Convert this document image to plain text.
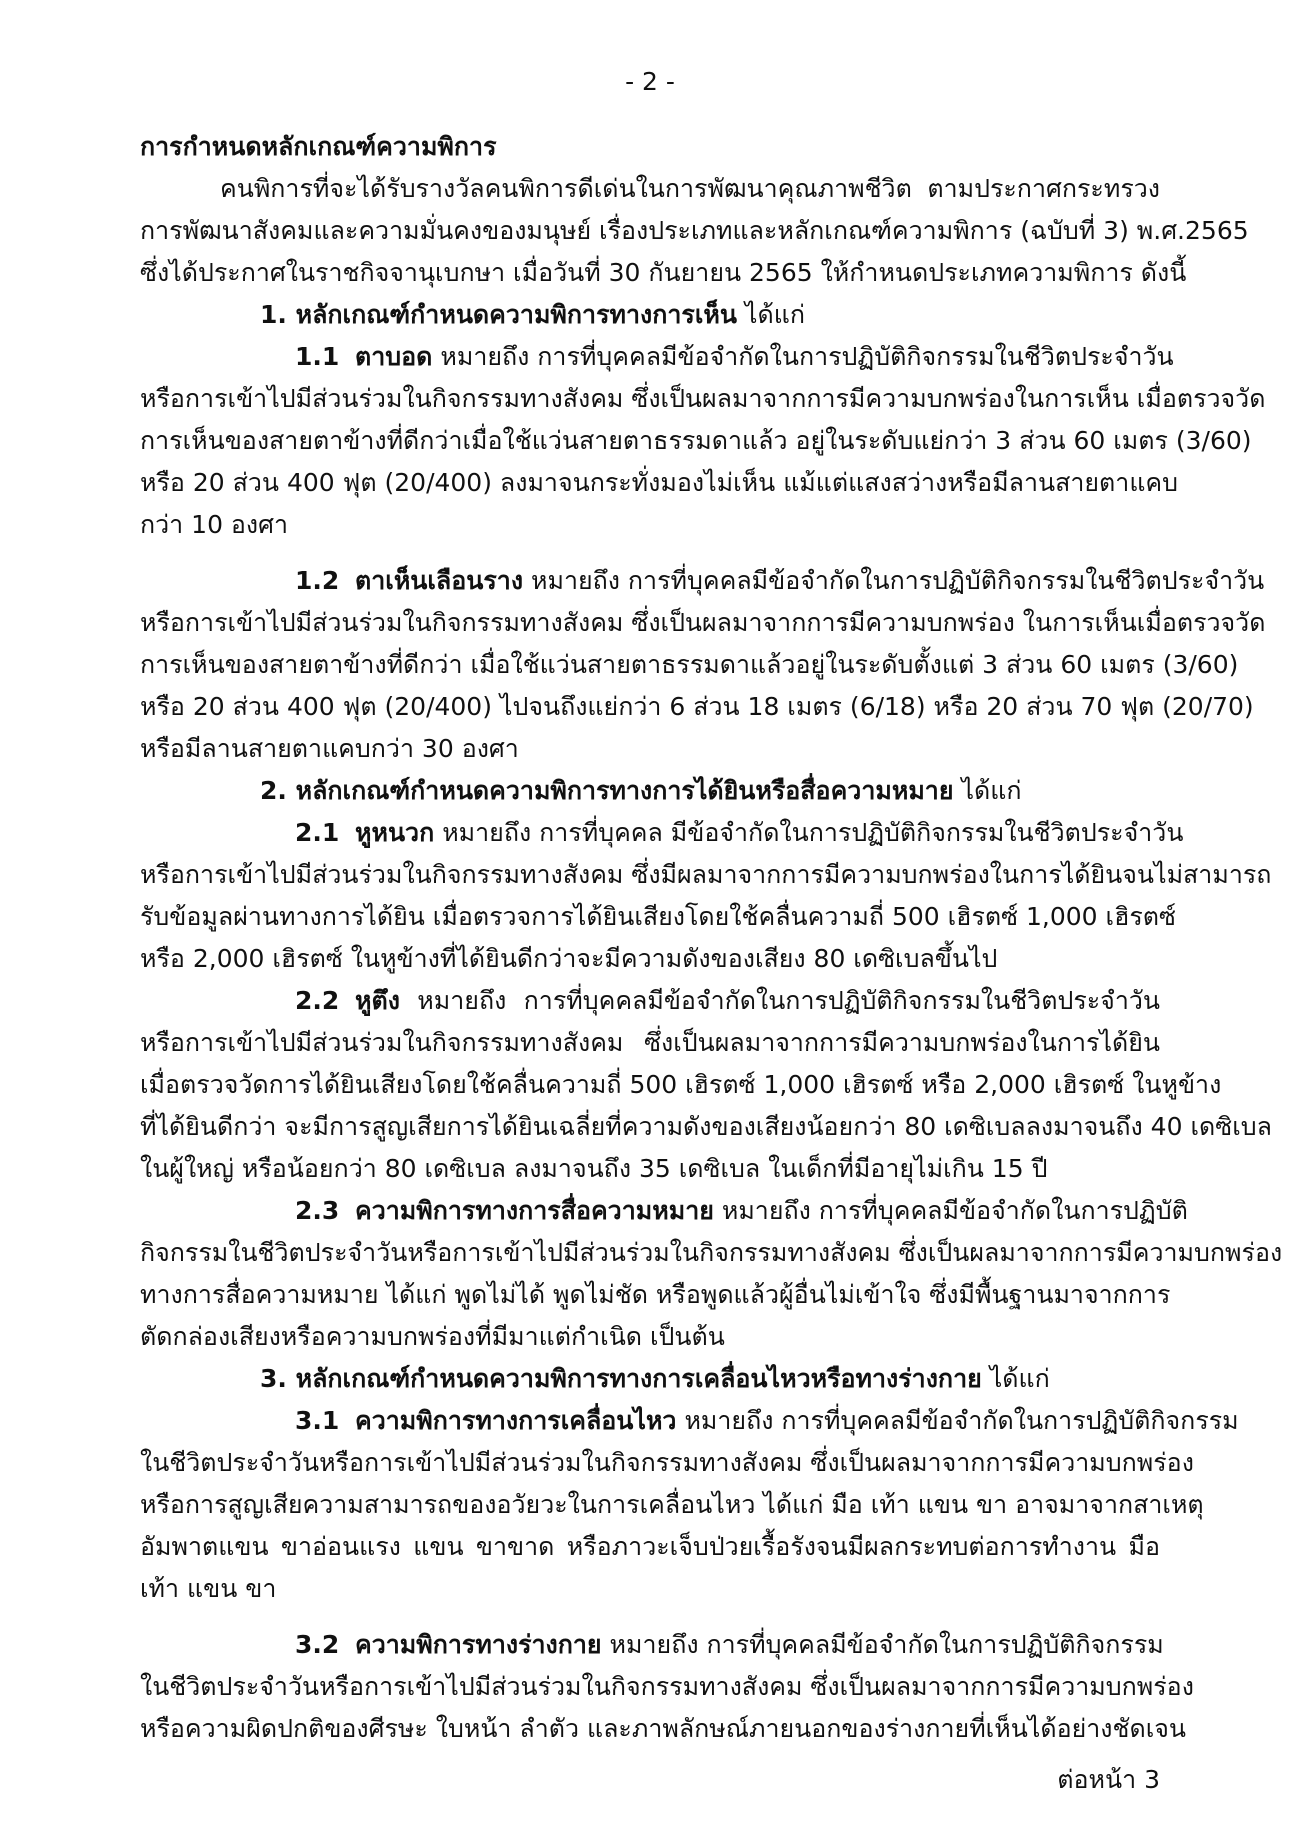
- 2 -
การกำหนดหลักเกณฑ์ความพิการ
คนพิการที่จะได้รับรางวัลคนพิการดีเด่นในการพัฒนาคุณภาพชีวิต ตามประกาศกระทรวง
การพัฒนาสังคมและความมั่นคงของมนุษย์ เรื่องประเภทและหลักเกณฑ์ความพิการ (ฉบับที่ 3) พ.ศ.2565
ซึ่งได้ประกาศในราชกิจจานุเบกษา เมื่อวันที่ 30 กันยายน 2565 ให้กำหนดประเภทความพิการ ดังนี้
1. หลักเกณฑ์กำหนดความพิการทางการเห็น ได้แก่
1.1 ตาบอด หมายถึง การที่บุคคลมีข้อจำกัดในการปฏิบัติกิจกรรมในชีวิตประจำวัน
หรือการเข้าไปมีส่วนร่วมในกิจกรรมทางสังคม ซึ่งเป็นผลมาจากการมีความบกพร่องในการเห็น เมื่อตรวจวัด
การเห็นของสายตาข้างที่ดีกว่าเมื่อใช้แว่นสายตาธรรมดาแล้ว อยู่ในระดับแย่กว่า 3 ส่วน 60 เมตร (3/60)
หรือ 20 ส่วน 400 ฟุต (20/400) ลงมาจนกระทั่งมองไม่เห็น แม้แต่แสงสว่างหรือมีลานสายตาแคบ
กว่า 10 องศา
1.2 ตาเห็นเลือนราง หมายถึง การที่บุคคลมีข้อจำกัดในการปฏิบัติกิจกรรมในชีวิตประจำวัน
หรือการเข้าไปมีส่วนร่วมในกิจกรรมทางสังคม ซึ่งเป็นผลมาจากการมีความบกพร่อง ในการเห็นเมื่อตรวจวัด
การเห็นของสายตาข้างที่ดีกว่า เมื่อใช้แว่นสายตาธรรมดาแล้วอยู่ในระดับตั้งแต่ 3 ส่วน 60 เมตร (3/60)
หรือ 20 ส่วน 400 ฟุต (20/400) ไปจนถึงแย่กว่า 6 ส่วน 18 เมตร (6/18) หรือ 20 ส่วน 70 ฟุต (20/70)
หรือมีลานสายตาแคบกว่า 30 องศา
2. หลักเกณฑ์กำหนดความพิการทางการได้ยินหรือสื่อความหมาย ได้แก่
2.1 หูหนวก หมายถึง การที่บุคคล มีข้อจำกัดในการปฏิบัติกิจกรรมในชีวิตประจำวัน
หรือการเข้าไปมีส่วนร่วมในกิจกรรมทางสังคม ซึ่งมีผลมาจากการมีความบกพร่องในการได้ยินจนไม่สามารถ
รับข้อมูลผ่านทางการได้ยิน เมื่อตรวจการได้ยินเสียงโดยใช้คลื่นความถี่ 500 เฮิรตซ์ 1,000 เฮิรตซ์
หรือ 2,000 เฮิรตซ์ ในหูข้างที่ได้ยินดีกว่าจะมีความดังของเสียง 80 เดซิเบลขึ้นไป
2.2 หูตึง หมายถึง การที่บุคคลมีข้อจำกัดในการปฏิบัติกิจกรรมในชีวิตประจำวัน
หรือการเข้าไปมีส่วนร่วมในกิจกรรมทางสังคม ซึ่งเป็นผลมาจากการมีความบกพร่องในการได้ยิน
เมื่อตรวจวัดการได้ยินเสียงโดยใช้คลื่นความถี่ 500 เฮิรตซ์ 1,000 เฮิรตซ์ หรือ 2,000 เฮิรตซ์ ในหูข้าง
ที่ได้ยินดีกว่า จะมีการสูญเสียการได้ยินเฉลี่ยที่ความดังของเสียงน้อยกว่า 80 เดซิเบลลงมาจนถึง 40 เดซิเบล
ในผู้ใหญ่ หรือน้อยกว่า 80 เดซิเบล ลงมาจนถึง 35 เดซิเบล ในเด็กที่มีอายุไม่เกิน 15 ปี
2.3 ความพิการทางการสื่อความหมาย หมายถึง การที่บุคคลมีข้อจำกัดในการปฏิบัติ
กิจกรรมในชีวิตประจำวันหรือการเข้าไปมีส่วนร่วมในกิจกรรมทางสังคม ซึ่งเป็นผลมาจากการมีความบกพร่อง
ทางการสื่อความหมาย ได้แก่ พูดไม่ได้ พูดไม่ชัด หรือพูดแล้วผู้อื่นไม่เข้าใจ ซึ่งมีพื้นฐานมาจากการ
ตัดกล่องเสียงหรือความบกพร่องที่มีมาแต่กำเนิด เป็นต้น
3. หลักเกณฑ์กำหนดความพิการทางการเคลื่อนไหวหรือทางร่างกาย ได้แก่
3.1 ความพิการทางการเคลื่อนไหว หมายถึง การที่บุคคลมีข้อจำกัดในการปฏิบัติกิจกรรม
ในชีวิตประจำวันหรือการเข้าไปมีส่วนร่วมในกิจกรรมทางสังคม ซึ่งเป็นผลมาจากการมีความบกพร่อง
หรือการสูญเสียความสามารถของอวัยวะในการเคลื่อนไหว ได้แก่ มือ เท้า แขน ขา อาจมาจากสาเหตุ
อัมพาตแขน ขาอ่อนแรง แขน ขาขาด หรือภาวะเจ็บป่วยเรื้อรังจนมีผลกระทบต่อการทำงาน มือ
เท้า แขน ขา
3.2 ความพิการทางร่างกาย หมายถึง การที่บุคคลมีข้อจำกัดในการปฏิบัติกิจกรรม
ในชีวิตประจำวันหรือการเข้าไปมีส่วนร่วมในกิจกรรมทางสังคม ซึ่งเป็นผลมาจากการมีความบกพร่อง
หรือความผิดปกติของศีรษะ ใบหน้า ลำตัว และภาพลักษณ์ภายนอกของร่างกายที่เห็นได้อย่างชัดเจน
ต่อหน้า 3
